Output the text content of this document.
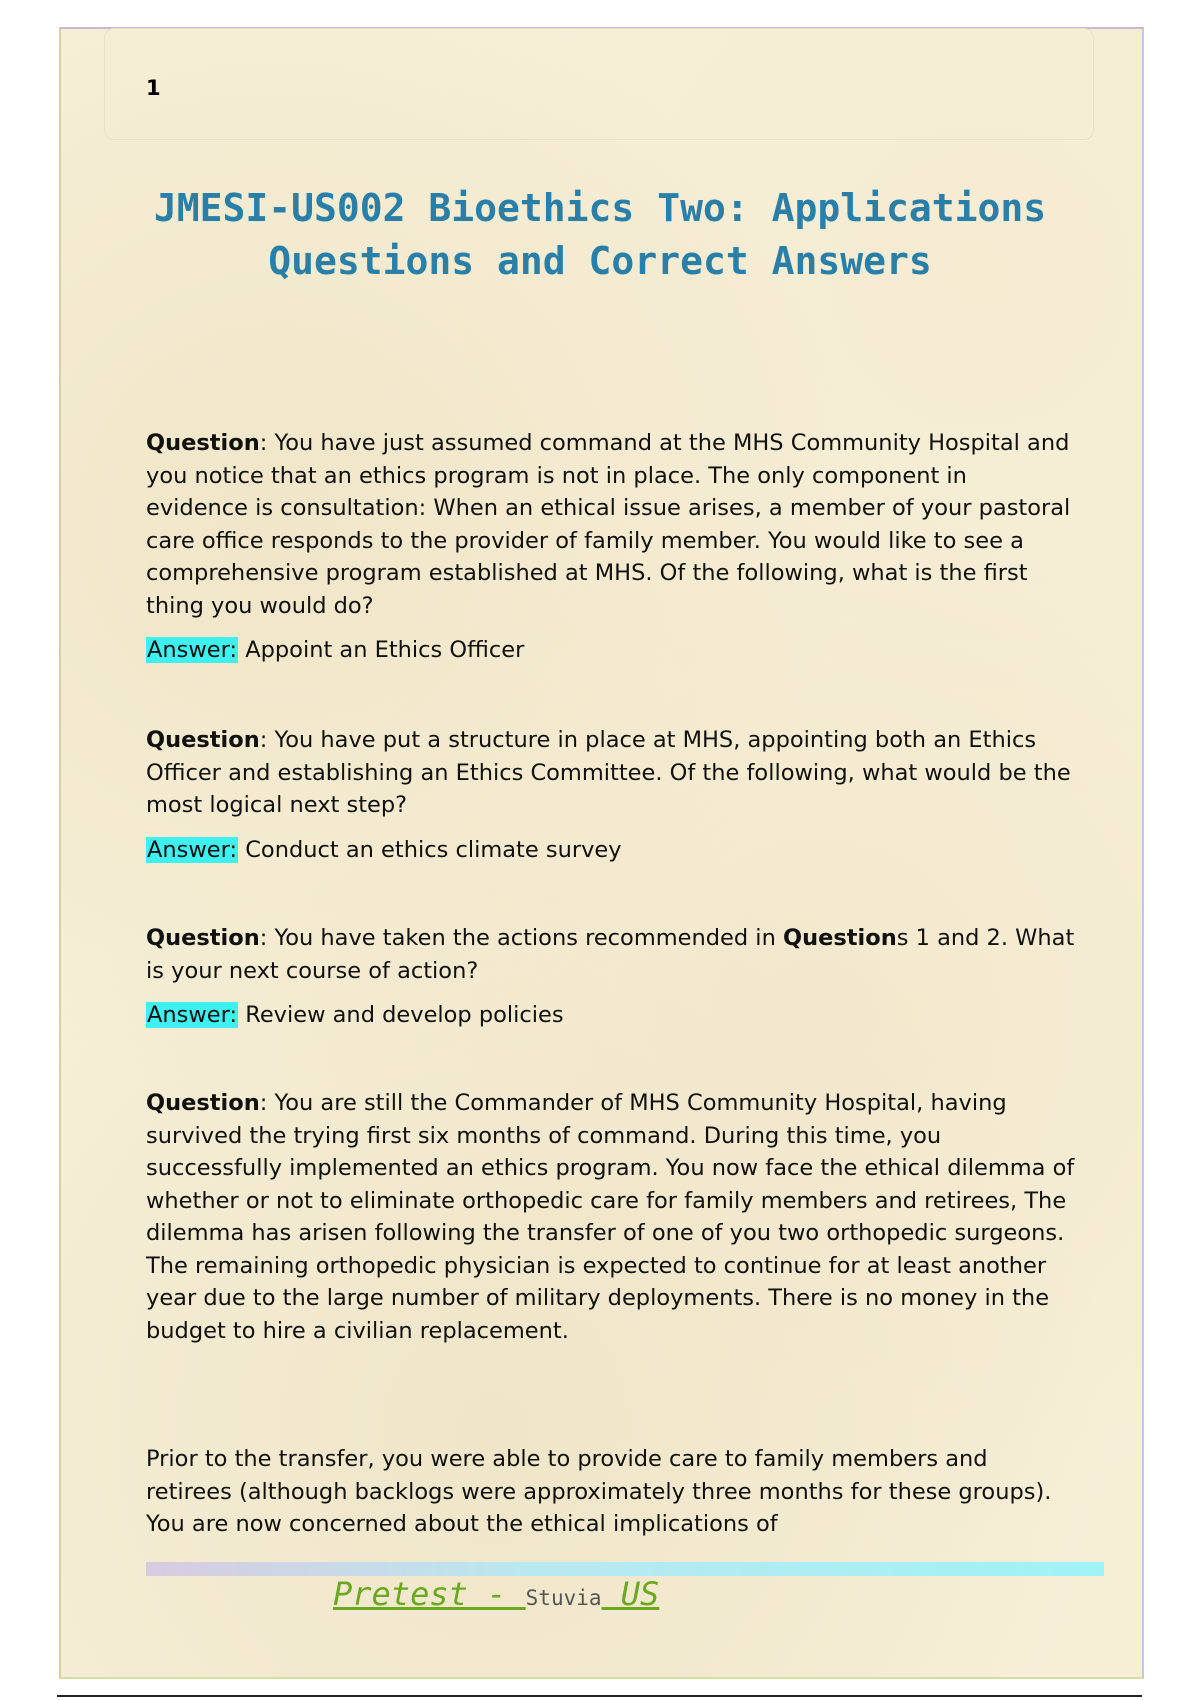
1
JMESI-US002 Bioethics Two: Applications Questions and Correct Answers

Question: You have just assumed command at the MHS Community Hospital and you notice that an ethics program is not in place. The only component in evidence is consultation: When an ethical issue arises, a member of your pastoral care office responds to the provider of family member. You would like to see a comprehensive program established at MHS. Of the following, what is the first thing you would do?

Answer: Appoint an Ethics Officer

Question: You have put a structure in place at MHS, appointing both an Ethics Officer and establishing an Ethics Committee. Of the following, what would be the most logical next step?

Answer: Conduct an ethics climate survey

Question: You have taken the actions recommended in Questions 1 and 2. What is your next course of action?

Answer: Review and develop policies

Question: You are still the Commander of MHS Community Hospital, having survived the trying first six months of command. During this time, you successfully implemented an ethics program. You now face the ethical dilemma of whether or not to eliminate orthopedic care for family members and retirees, The dilemma has arisen following the transfer of one of you two orthopedic surgeons. The remaining orthopedic physician is expected to continue for at least another year due to the large number of military deployments. There is no money in the budget to hire a civilian replacement.

Prior to the transfer, you were able to provide care to family members and retirees (although backlogs were approximately three months for these groups). You are now concerned about the ethical implications of

Pretest - Stuvia US
